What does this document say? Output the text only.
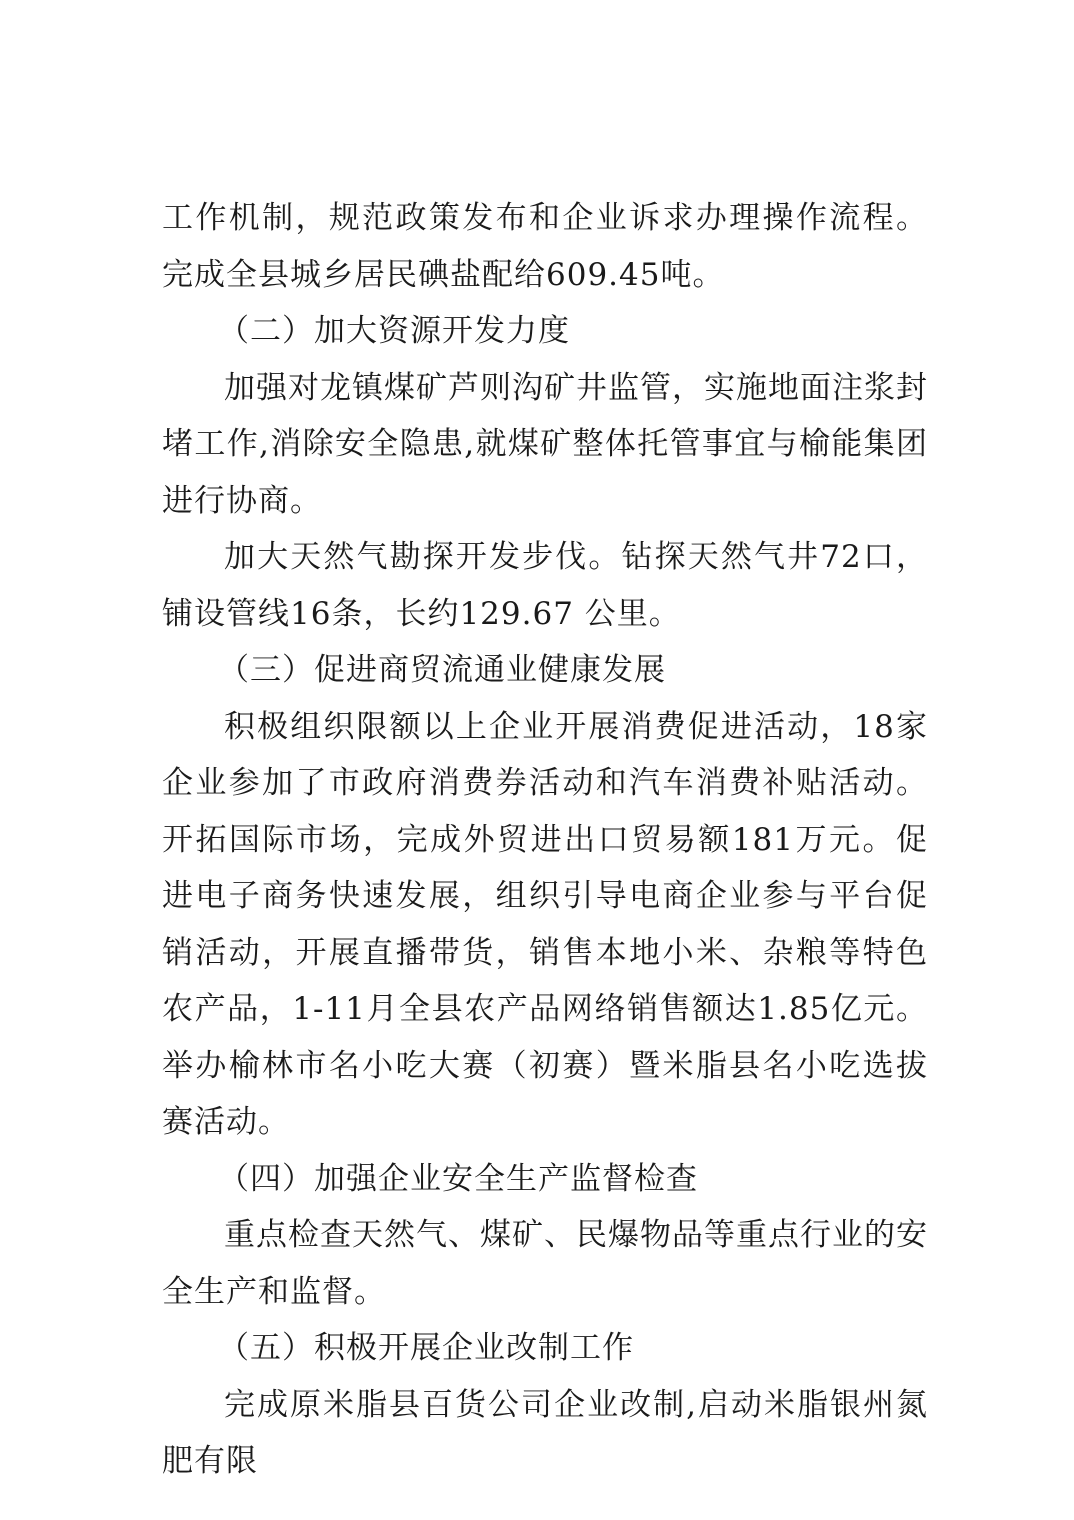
工作机制，规范政策发布和企业诉求办理操作流程。完成全县城乡居民碘盐配给609.45吨。

（二）加大资源开发力度

加强对龙镇煤矿芦则沟矿井监管，实施地面注浆封堵工作,消除安全隐患,就煤矿整体托管事宜与榆能集团进行协商。

加大天然气勘探开发步伐。钻探天然气井72口，铺设管线16条，长约129.67 公里。

（三）促进商贸流通业健康发展

积极组织限额以上企业开展消费促进活动，18家企业参加了市政府消费券活动和汽车消费补贴活动。开拓国际市场，完成外贸进出口贸易额181万元。促进电子商务快速发展，组织引导电商企业参与平台促销活动，开展直播带货，销售本地小米、杂粮等特色农产品，1-11月全县农产品网络销售额达1.85亿元。举办榆林市名小吃大赛（初赛）暨米脂县名小吃选拔赛活动。

（四）加强企业安全生产监督检查

重点检查天然气、煤矿、民爆物品等重点行业的安全生产和监督。

（五）积极开展企业改制工作

完成原米脂县百货公司企业改制,启动米脂银州氮肥有限
